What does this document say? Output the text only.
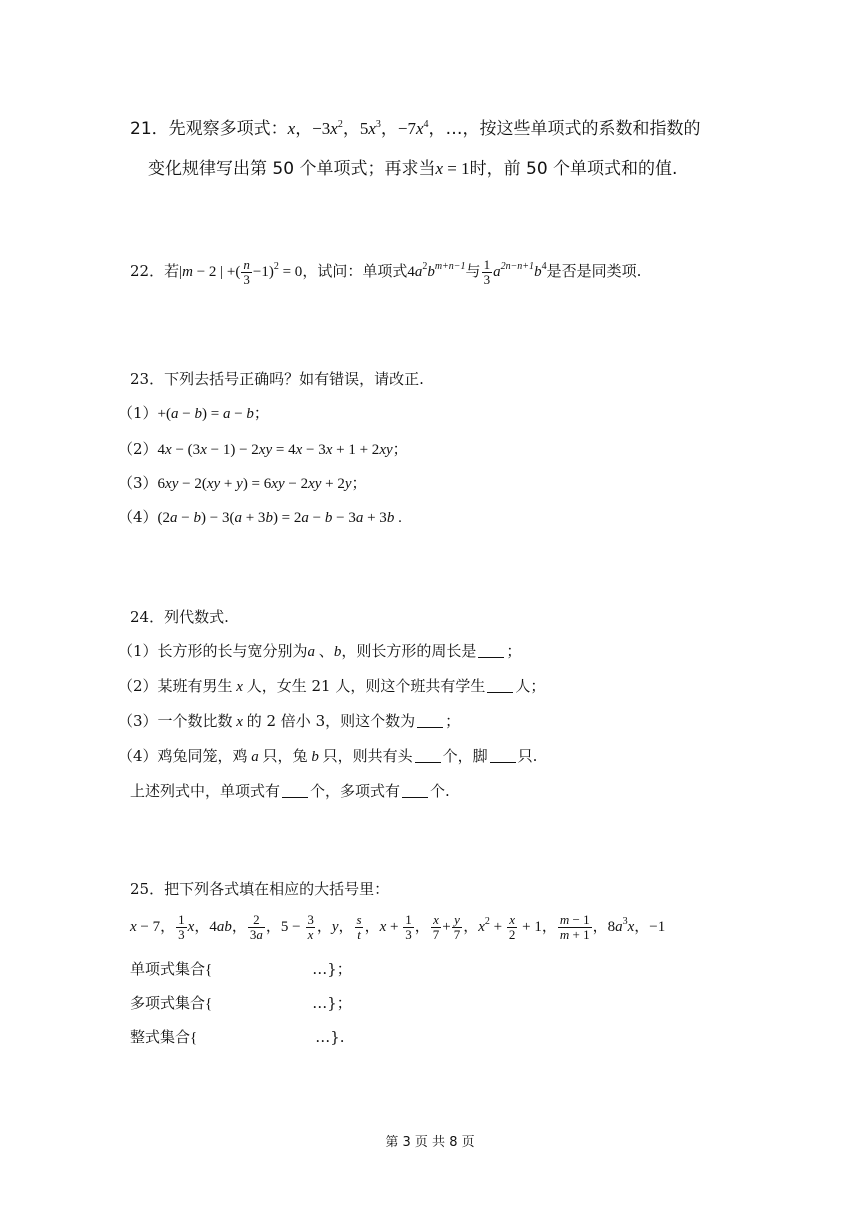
21．先观察多项式：x，$-3x^2$，$5x^3$，$-7x^4$，…，按这些单项式的系数和指数的
变化规律写出第 50 个单项式；再求当x = 1时，前 50 个单项式和的值.
22．若|m − 2 | +( $\frac{n}{3} -1)^2 = 0$，试问：单项式$4a^2b^{m+n-1}$与 $\frac{1}{3} a^{2n-n+1}b^4$是否是同类项.
23．下列去括号正确吗？如有错误，请改正.
（1）+(a − b) = a − b；
（2）4x − (3x − 1) − 2xy = 4x − 3x + 1 + 2xy；
（3）6xy − 2(xy + y) = 6xy − 2xy + 2y；
（4）(2a − b) − 3(a + 3b) = 2a − b − 3a + 3b .
24．列代数式.
（1）长方形的长与宽分别为a 、b，则长方形的周长是 ；
（2）某班有男生 x 人，女生 21 人，则这个班共有学生 人；
（3）一个数比数 x 的 2 倍小 3，则这个数为 ；
（4）鸡兔同笼，鸡 a 只，兔 b 只，则共有头 个，脚 只.
上述列式中，单项式有 个，多项式有 个.
25．把下列各式填在相应的大括号里：
x − 7， $\frac{1}{3}$ x，4ab， $\frac{2}{3a}$ ，$5 - \frac{3}{x}$ ，y， $\frac{s}{t}$ ，$x + \frac{1}{3}$ ， $\frac{x}{7} + \frac{y}{7}$ ，$x^2 + \frac{x}{2} + 1$， $\frac{m - 1}{m + 1}$ ，$8a^3x$，−1
单项式集合{	…}；
多项式集合{	…}；
整式集合{	…}.
第 3 页 共 8 页
